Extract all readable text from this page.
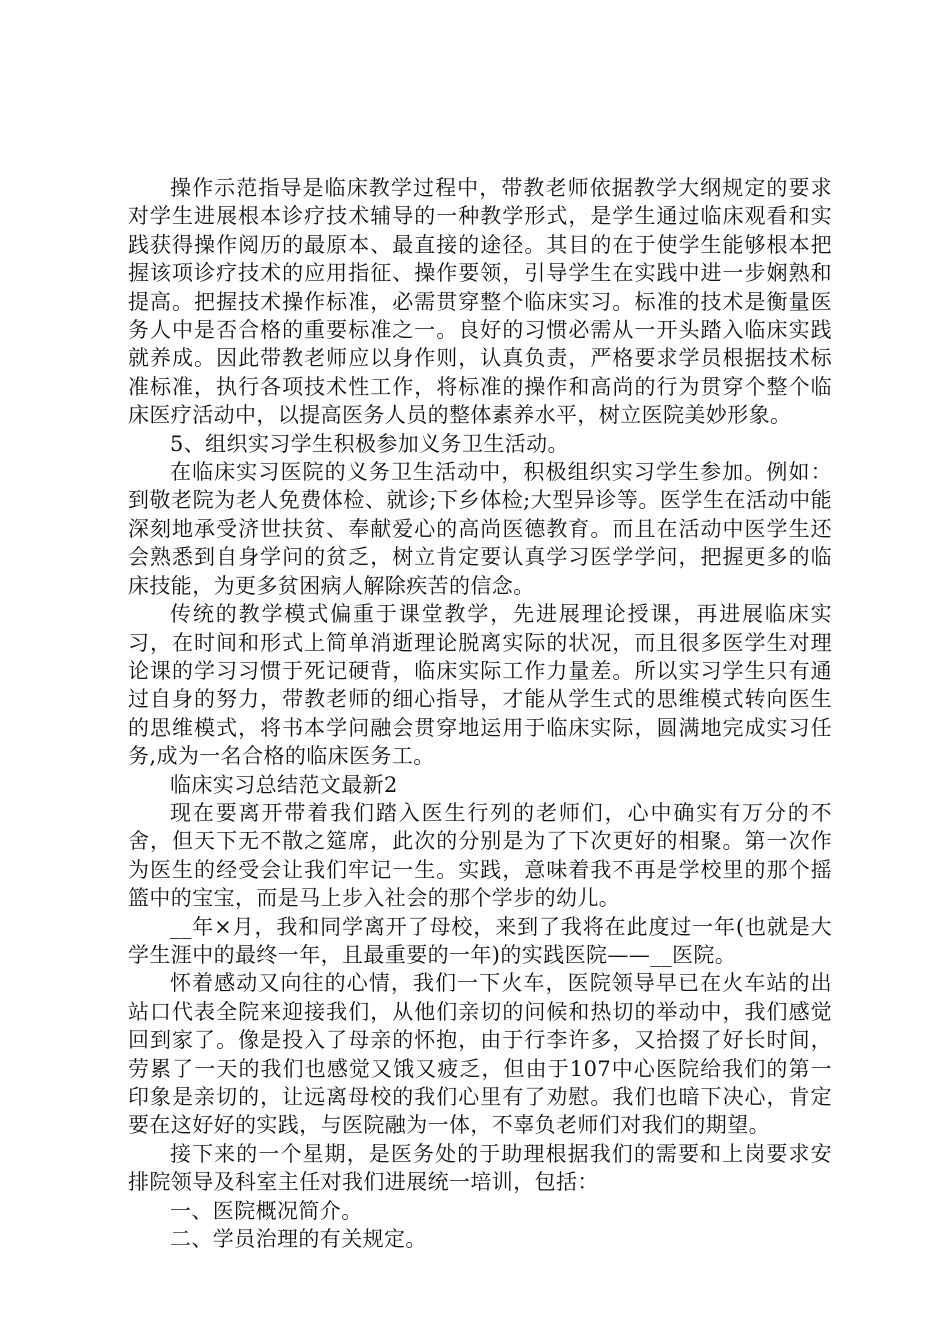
操作示范指导是临床教学过程中，带教老师依据教学大纲规定的要求对学生进展根本诊疗技术辅导的一种教学形式，是学生通过临床观看和实践获得操作阅历的最原本、最直接的途径。其目的在于使学生能够根本把握该项诊疗技术的应用指征、操作要领，引导学生在实践中进一步娴熟和提高。把握技术操作标准，必需贯穿整个临床实习。标准的技术是衡量医务人中是否合格的重要标准之一。良好的习惯必需从一开头踏入临床实践就养成。因此带教老师应以身作则，认真负责，严格要求学员根据技术标准标准，执行各项技术性工作，将标准的操作和高尚的行为贯穿个整个临床医疗活动中，以提高医务人员的整体素养水平，树立医院美妙形象。

5、组织实习学生积极参加义务卫生活动。

在临床实习医院的义务卫生活动中，积极组织实习学生参加。例如：到敬老院为老人免费体检、就诊;下乡体检;大型异诊等。医学生在活动中能深刻地承受济世扶贫、奉献爱心的高尚医德教育。而且在活动中医学生还会熟悉到自身学问的贫乏，树立肯定要认真学习医学学问，把握更多的临床技能，为更多贫困病人解除疾苦的信念。

传统的教学模式偏重于课堂教学，先进展理论授课，再进展临床实习，在时间和形式上简单消逝理论脱离实际的状况，而且很多医学生对理论课的学习习惯于死记硬背，临床实际工作力量差。所以实习学生只有通过自身的努力，带教老师的细心指导，才能从学生式的思维模式转向医生的思维模式，将书本学问融会贯穿地运用于临床实际，圆满地完成实习任务,成为一名合格的临床医务工。

临床实习总结范文最新2

现在要离开带着我们踏入医生行列的老师们，心中确实有万分的不舍，但天下无不散之筵席，此次的分别是为了下次更好的相聚。第一次作为医生的经受会让我们牢记一生。实践，意味着我不再是学校里的那个摇篮中的宝宝，而是马上步入社会的那个学步的幼儿。

__年×月，我和同学离开了母校，来到了我将在此度过一年(也就是大学生涯中的最终一年，且最重要的一年)的实践医院——__医院。

怀着感动又向往的心情，我们一下火车，医院领导早已在火车站的出站口代表全院来迎接我们，从他们亲切的问候和热切的举动中，我们感觉回到家了。像是投入了母亲的怀抱，由于行李许多，又拾掇了好长时间，劳累了一天的我们也感觉又饿又疲乏，但由于107中心医院给我们的第一印象是亲切的，让远离母校的我们心里有了劝慰。我们也暗下决心，肯定要在这好好的实践，与医院融为一体，不辜负老师们对我们的期望。

接下来的一个星期，是医务处的于助理根据我们的需要和上岗要求安排院领导及科室主任对我们进展统一培训，包括：

一、医院概况简介。

二、学员治理的有关规定。
